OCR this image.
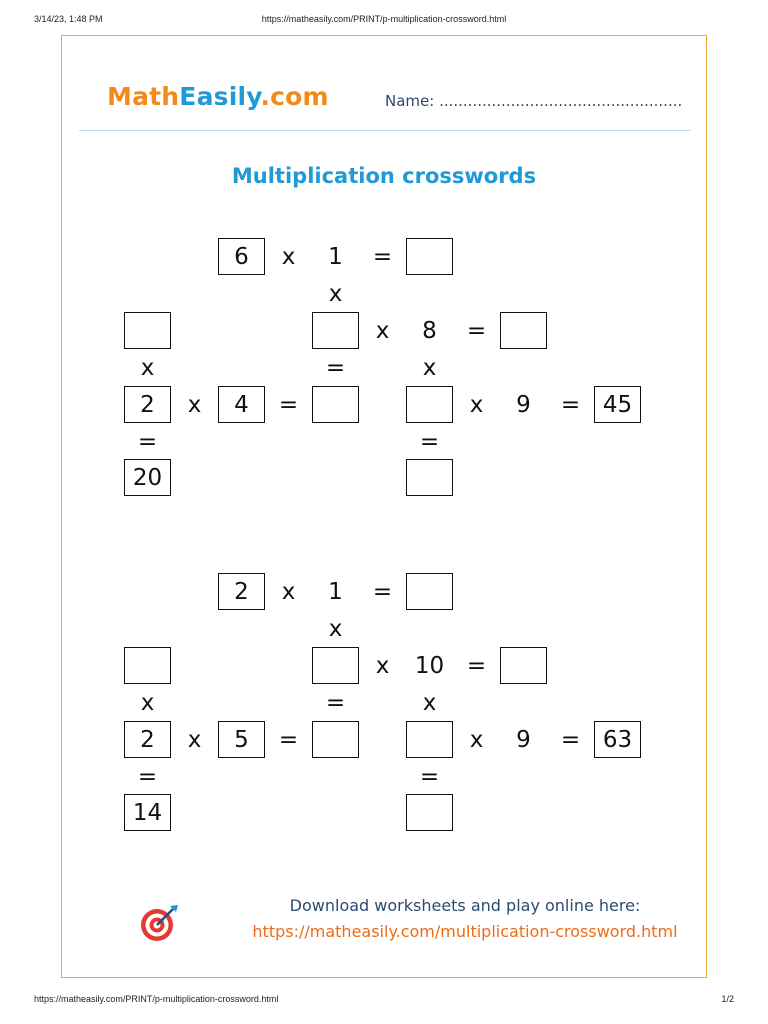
3/14/23, 1:48 PM	https://matheasily.com/PRINT/p-multiplication-crossword.html
MathEasily.com	Name: ...................................................
Multiplication crosswords
6	x	1	=
x
x	8	=
x	=	x
2	x	4	=	x	9	= 45
=	=
20
2	x	1	=
x
x	10 =
x	=	x
2	x	5	=	x	9	= 63
=	=
14
Download worksheets and play online here:
https://matheasily.com/multiplication-crossword.html
https://matheasily.com/PRINT/p-multiplication-crossword.html	1/2
